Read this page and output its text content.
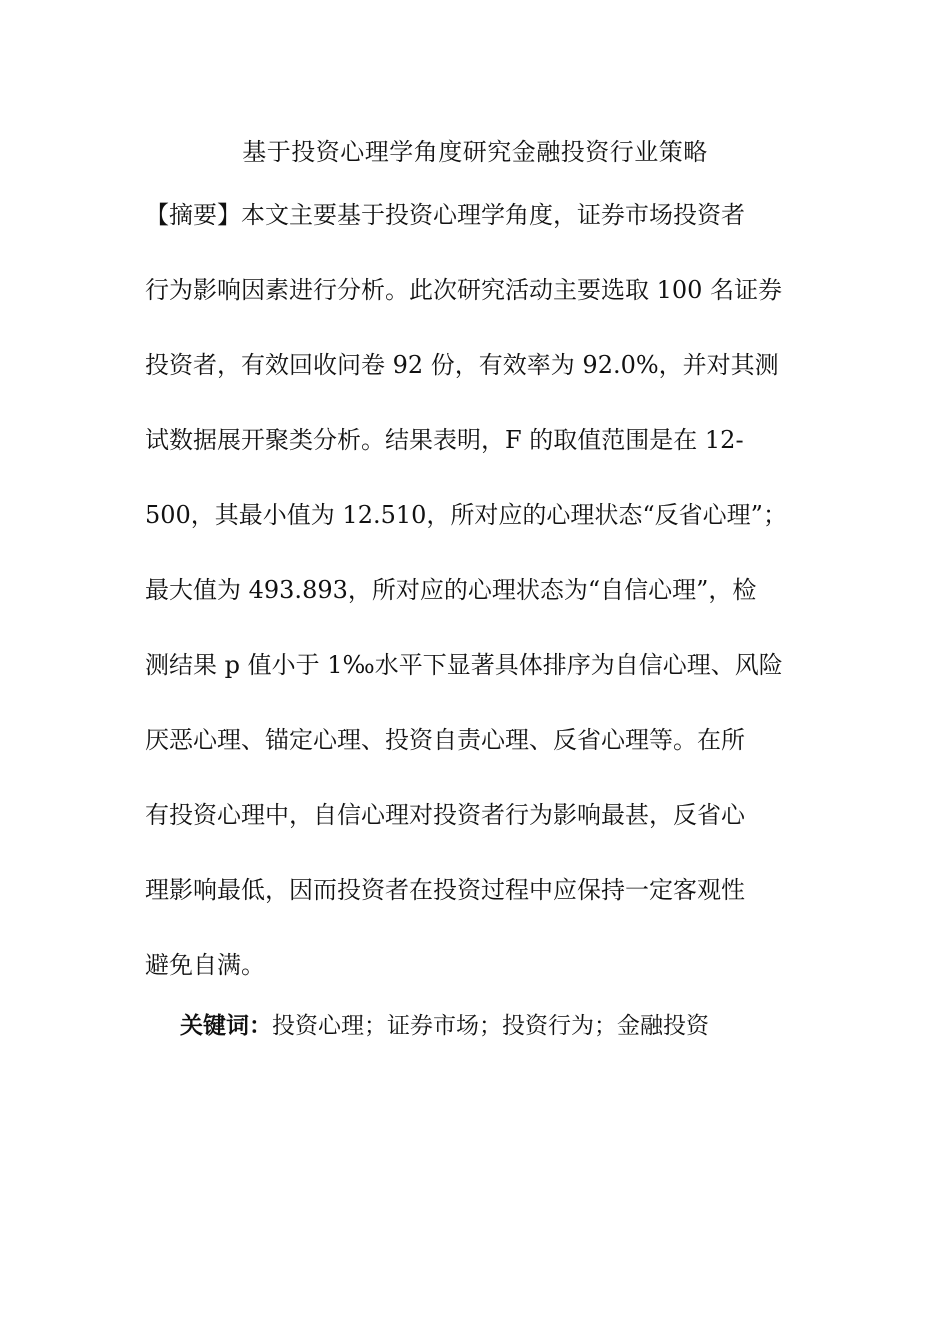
基于投资心理学角度研究金融投资行业策略
【摘要】本文主要基于投资心理学角度，证券市场投资者
行为影响因素进行分析。此次研究活动主要选取 100 名证券
投资者，有效回收问卷 92 份，有效率为 92.0%，并对其测
试数据展开聚类分析。结果表明，F 的取值范围是在 12-
500，其最小值为 12.510，所对应的心理状态“反省心理”；
最大值为 493.893，所对应的心理状态为“自信心理”，检
测结果 p 值小于 1‰水平下显著具体排序为自信心理、风险
厌恶心理、锚定心理、投资自责心理、反省心理等。在所
有投资心理中，自信心理对投资者行为影响最甚，反省心
理影响最低，因而投资者在投资过程中应保持一定客观性
避免自满。
关键词：投资心理；证券市场；投资行为；金融投资
